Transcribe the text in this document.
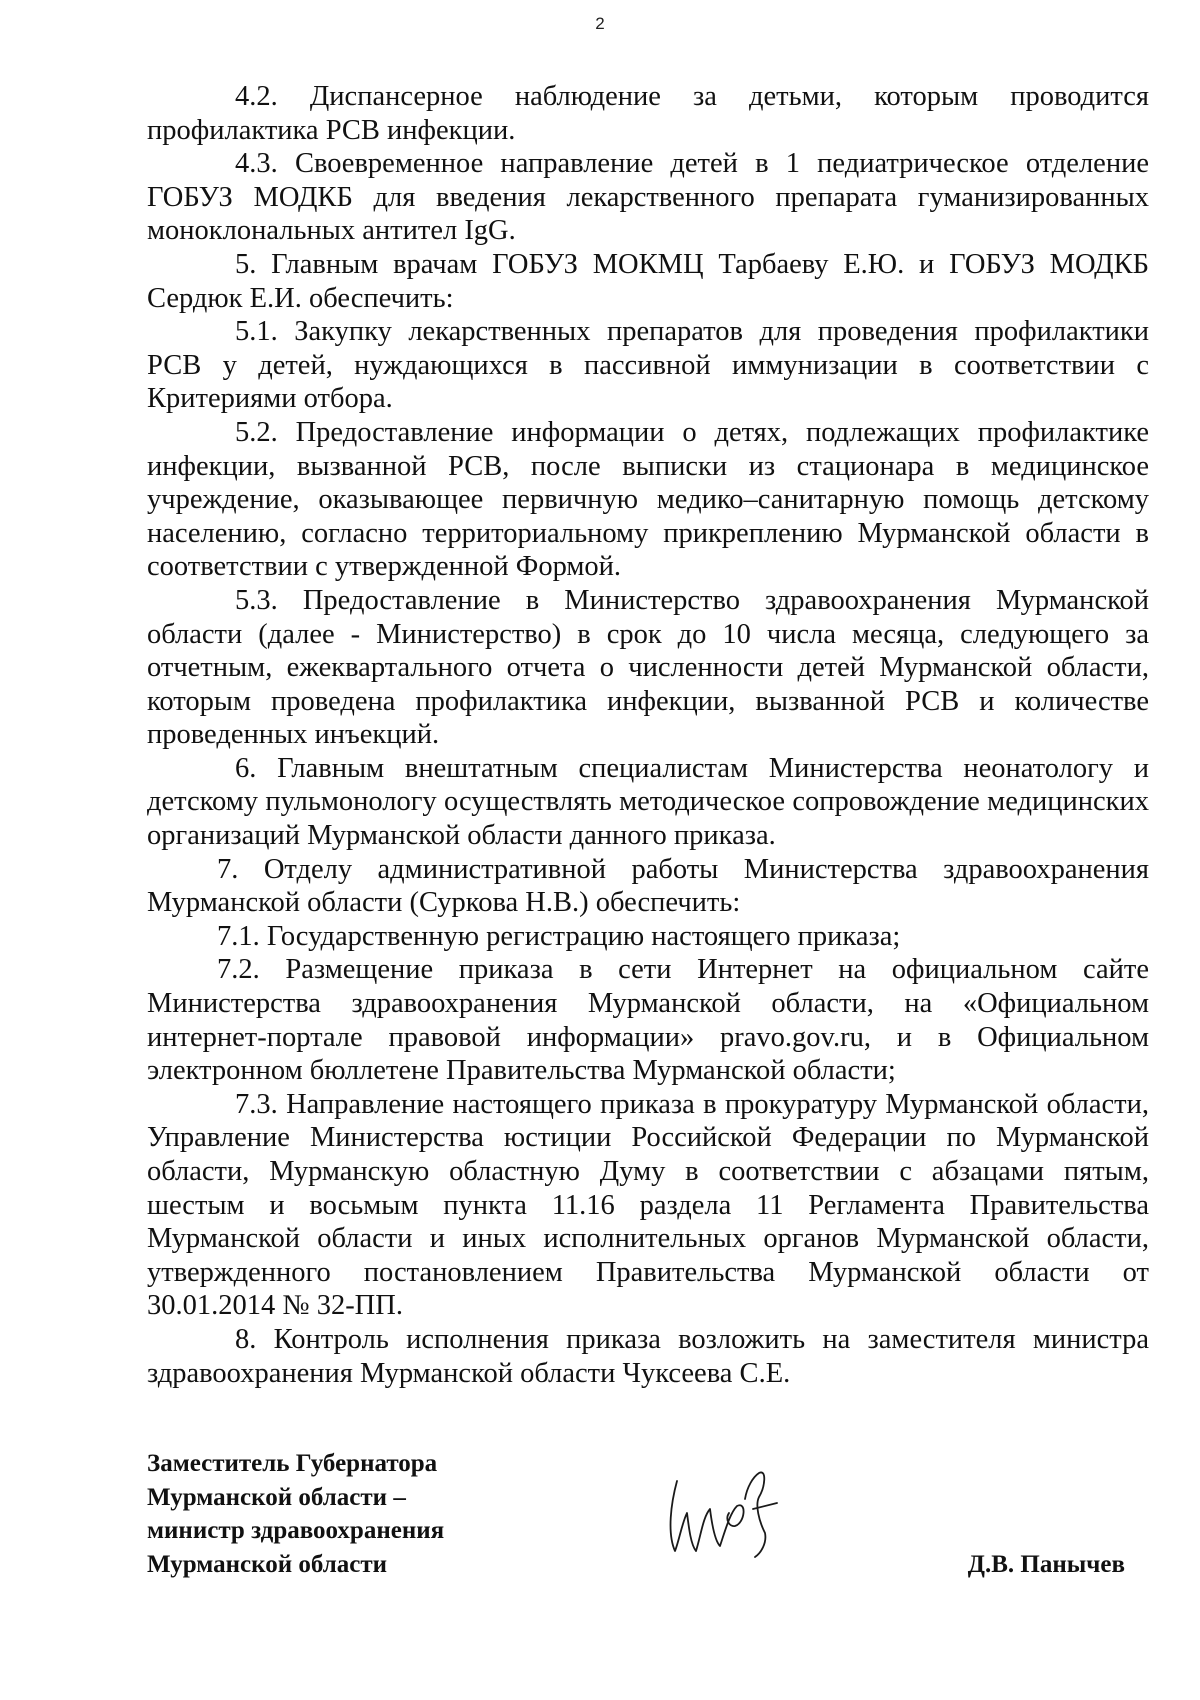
2

4.2. Диспансерное наблюдение за детьми, которым проводится профилактика РСВ инфекции.

4.3. Своевременное направление детей в 1 педиатрическое отделение ГОБУЗ МОДКБ для введения лекарственного препарата гуманизированных моноклональных антител IgG.

5. Главным врачам ГОБУЗ МОКМЦ Тарбаеву Е.Ю. и ГОБУЗ МОДКБ Сердюк Е.И. обеспечить:

5.1. Закупку лекарственных препаратов для проведения профилактики РСВ у детей, нуждающихся в пассивной иммунизации в соответствии с Критериями отбора.

5.2. Предоставление информации о детях, подлежащих профилактике инфекции, вызванной РСВ, после выписки из стационара в медицинское учреждение, оказывающее первичную медико–санитарную помощь детскому населению, согласно территориальному прикреплению Мурманской области в соответствии с утвержденной Формой.

5.3. Предоставление в Министерство здравоохранения Мурманской области (далее - Министерство) в срок до 10 числа месяца, следующего за отчетным, ежеквартального отчета о численности детей Мурманской области, которым проведена профилактика инфекции, вызванной РСВ и количестве проведенных инъекций.

6. Главным внештатным специалистам Министерства неонатологу и детскому пульмонологу осуществлять методическое сопровождение медицинских организаций Мурманской области данного приказа.

7. Отделу административной работы Министерства здравоохранения Мурманской области (Суркова Н.В.) обеспечить:

7.1. Государственную регистрацию настоящего приказа;

7.2. Размещение приказа в сети Интернет на официальном сайте Министерства здравоохранения Мурманской области, на «Официальном интернет-портале правовой информации» pravo.gov.ru, и в Официальном электронном бюллетене Правительства Мурманской области;

7.3. Направление настоящего приказа в прокуратуру Мурманской области, Управление Министерства юстиции Российской Федерации по Мурманской области, Мурманскую областную Думу в соответствии с абзацами пятым, шестым и восьмым пункта 11.16 раздела 11 Регламента Правительства Мурманской области и иных исполнительных органов Мурманской области, утвержденного постановлением Правительства Мурманской области от 30.01.2014 № 32-ПП.

8. Контроль исполнения приказа возложить на заместителя министра здравоохранения Мурманской области Чуксеева С.Е.

Заместитель Губернатора
Мурманской области –
министр здравоохранения
Мурманской области	Д.В. Панычев
